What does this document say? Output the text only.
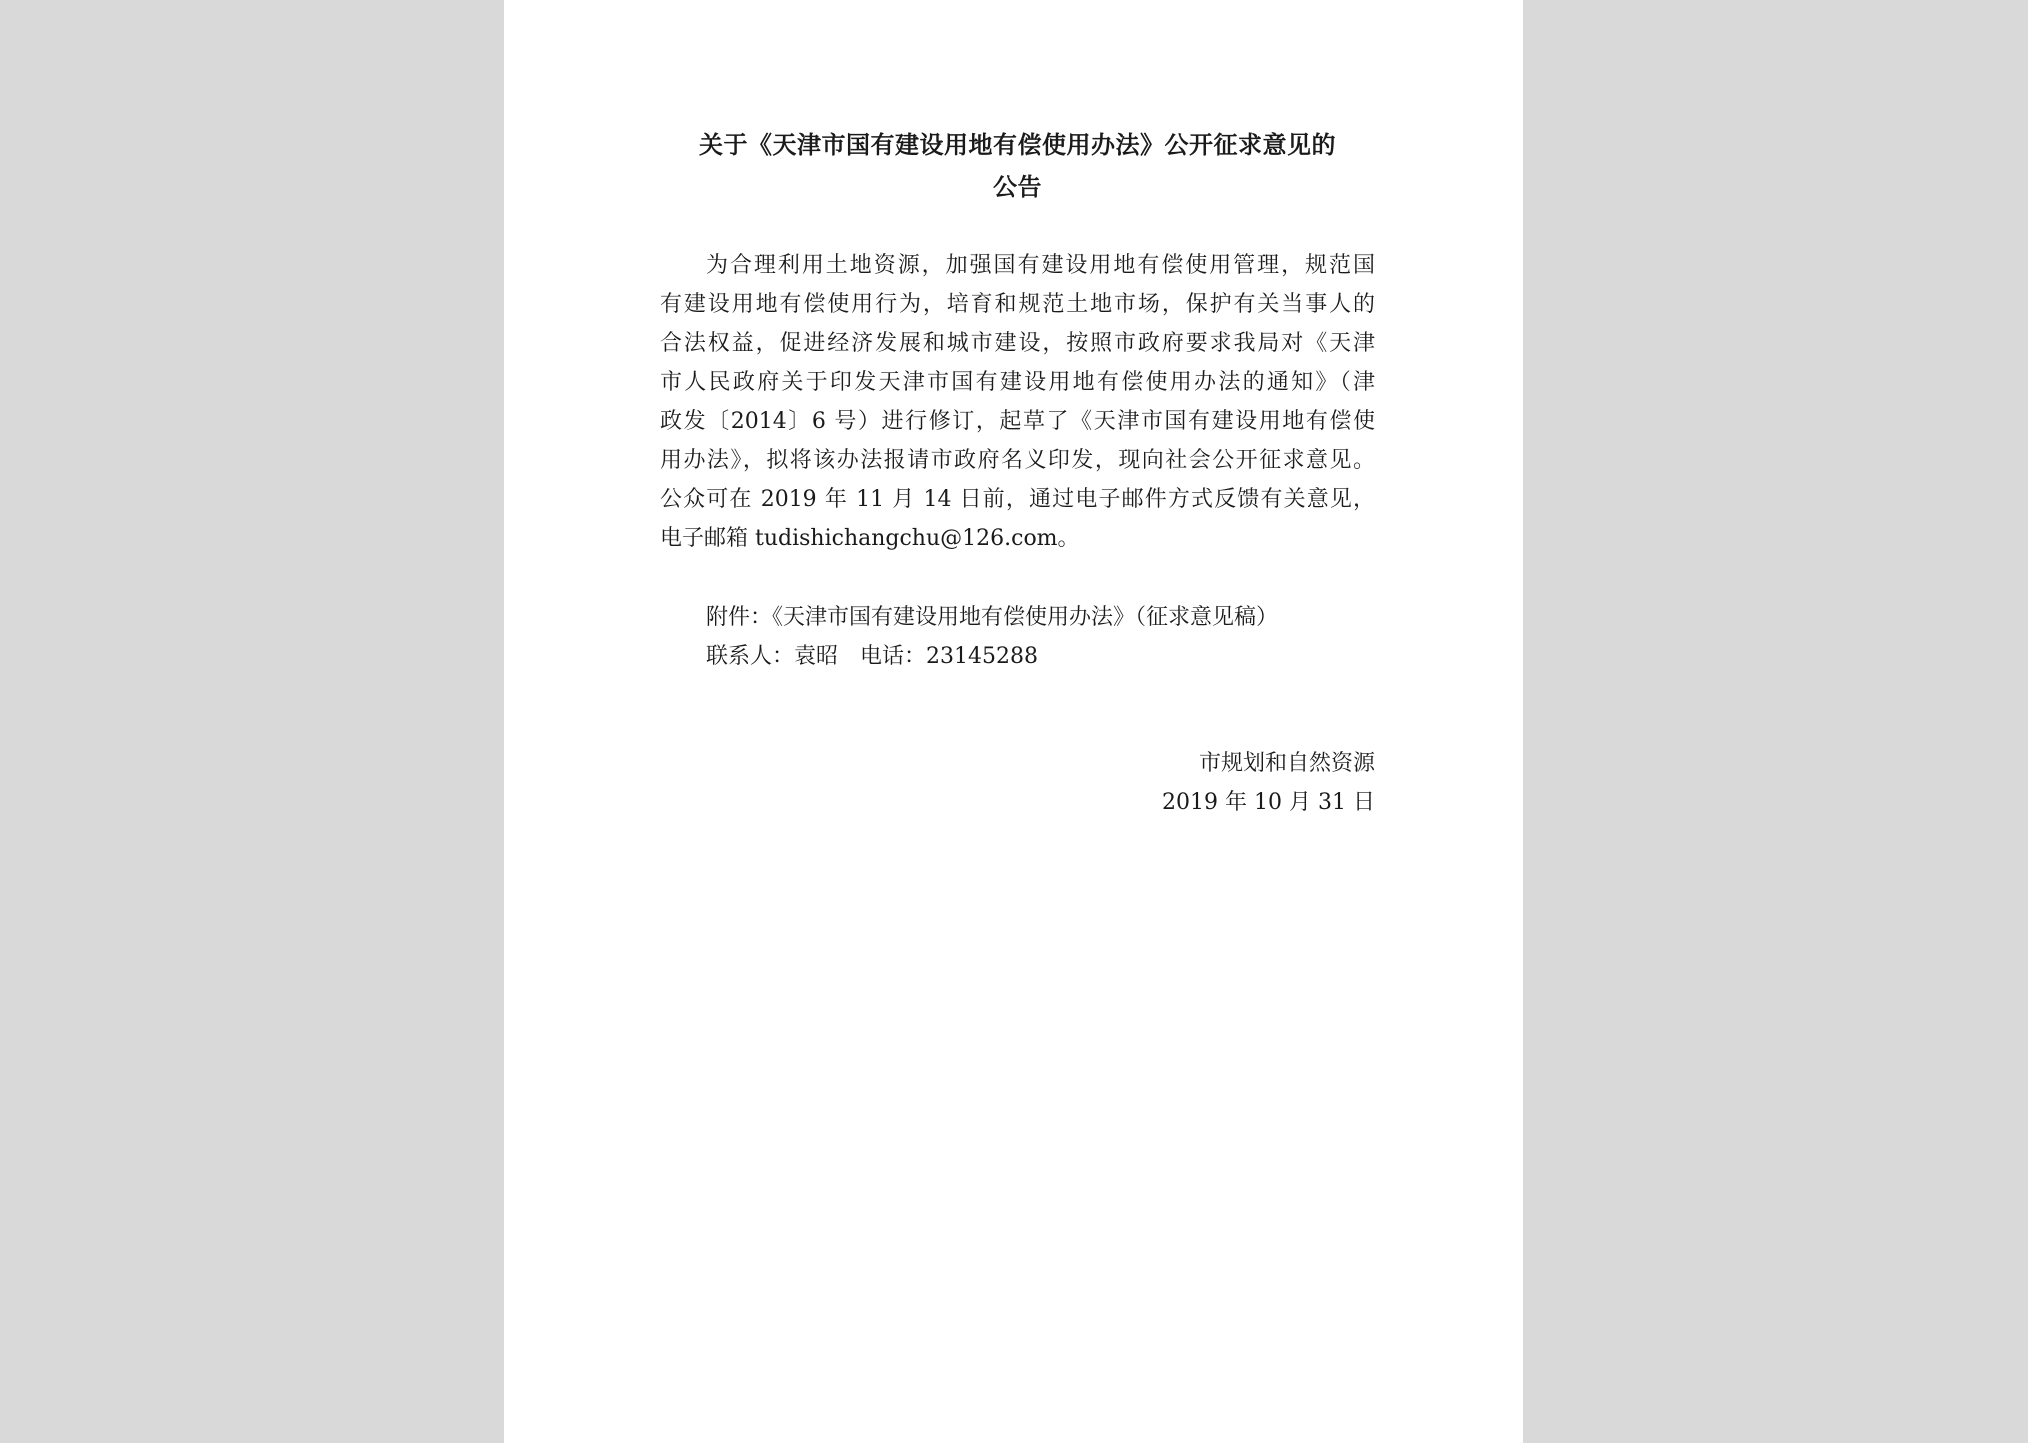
关于《天津市国有建设用地有偿使用办法》公开征求意见的
公告
为合理利用土地资源，加强国有建设用地有偿使用管理，规范国
有建设用地有偿使用行为，培育和规范土地市场，保护有关当事人的
合法权益，促进经济发展和城市建设，按照市政府要求我局对《天津
市人民政府关于印发天津市国有建设用地有偿使用办法的通知》（津
政发〔2014〕6 号）进行修订，起草了《天津市国有建设用地有偿使
用办法》，拟将该办法报请市政府名义印发，现向社会公开征求意见。
公众可在 2019 年 11 月 14 日前，通过电子邮件方式反馈有关意见，
电子邮箱 tudishichangchu@126.com。
附件：《天津市国有建设用地有偿使用办法》（征求意见稿）
联系人：袁昭　电话：23145288
市规划和自然资源
2019 年 10 月 31 日
